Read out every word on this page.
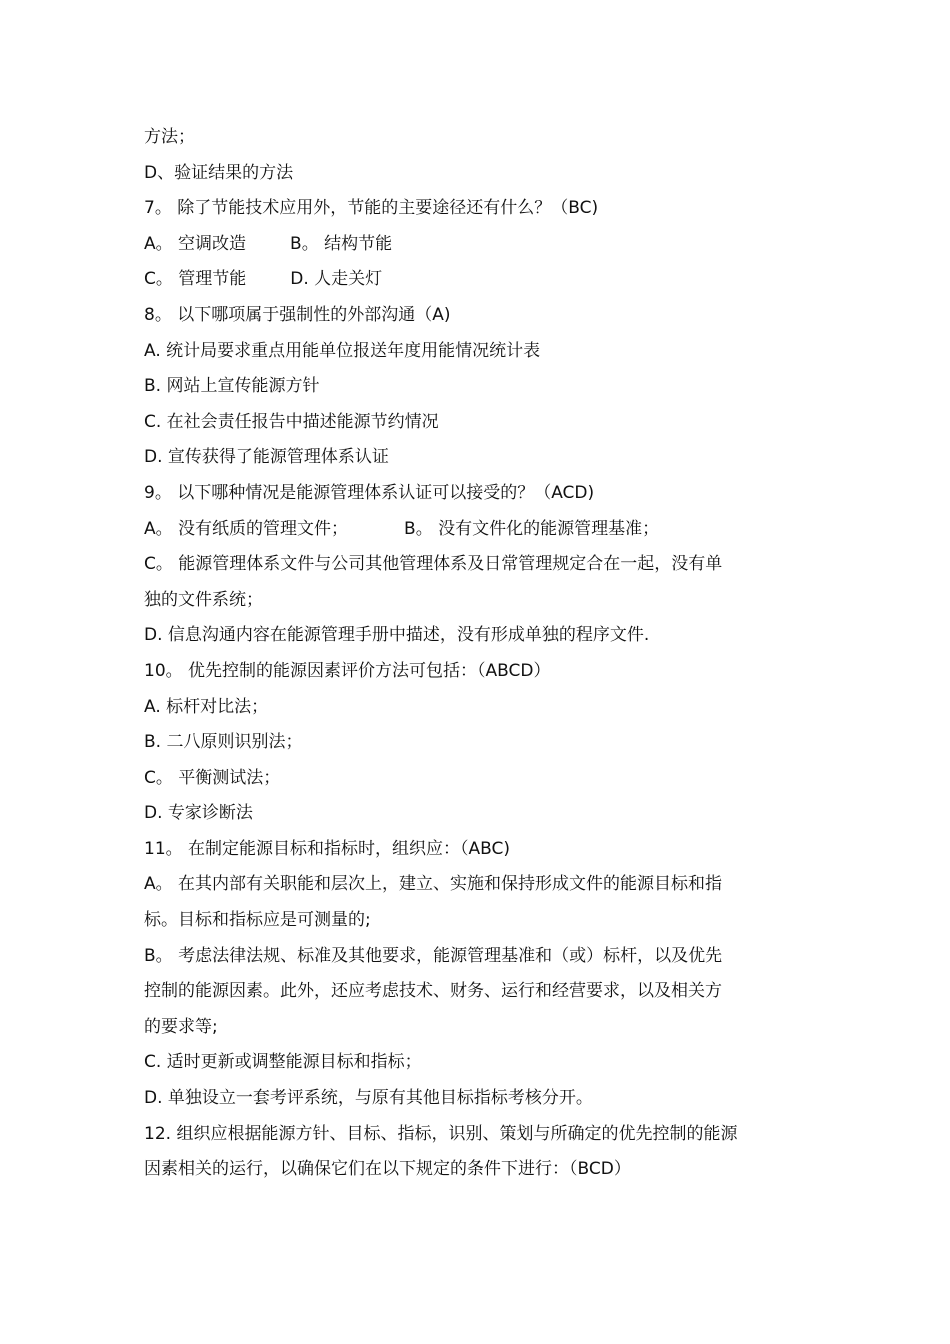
方法；
D、验证结果的方法
7。 除了节能技术应用外，节能的主要途径还有什么？（BC)
A。 空调改造	B。 结构节能
C。 管理节能	D. 人走关灯
8。 以下哪项属于强制性的外部沟通（A)
A. 统计局要求重点用能单位报送年度用能情况统计表
B. 网站上宣传能源方针
C. 在社会责任报告中描述能源节约情况
D. 宣传获得了能源管理体系认证
9。 以下哪种情况是能源管理体系认证可以接受的？（ACD)
A。 没有纸质的管理文件；	B。 没有文件化的能源管理基准；
C。 能源管理体系文件与公司其他管理体系及日常管理规定合在一起，没有单
独的文件系统；
D. 信息沟通内容在能源管理手册中描述，没有形成单独的程序文件.
10。 优先控制的能源因素评价方法可包括：（ABCD）
A. 标杆对比法；
B. 二八原则识别法；
C。 平衡测试法；
D. 专家诊断法
11。 在制定能源目标和指标时，组织应：（ABC)
A。 在其内部有关职能和层次上，建立、实施和保持形成文件的能源目标和指
标。目标和指标应是可测量的;
B。 考虑法律法规、标准及其他要求，能源管理基准和（或）标杆，以及优先
控制的能源因素。此外，还应考虑技术、财务、运行和经营要求，以及相关方
的要求等;
C. 适时更新或调整能源目标和指标；
D. 单独设立一套考评系统，与原有其他目标指标考核分开。
12. 组织应根据能源方针、目标、指标，识别、策划与所确定的优先控制的能源
因素相关的运行，以确保它们在以下规定的条件下进行：（BCD）
